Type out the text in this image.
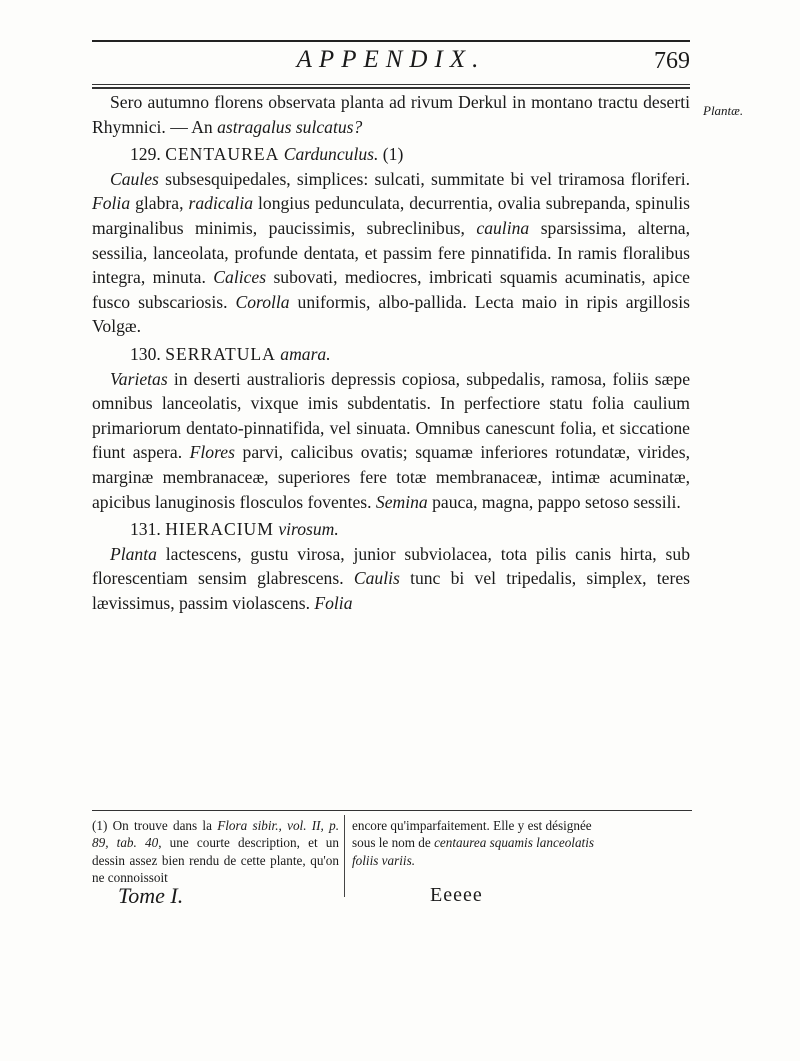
APPENDIX.	769
Plantæ.

Sero autumno florens observata planta ad rivum Derkul in montano tractu deserti Rhymnici. — An astragalus sulcatus?

129. CENTAUREA Cardunculus. (1)

Caules subsesquipedales, simplices: sulcati, summitate bi vel triramosa floriferi. Folia glabra, radicalia longius pedunculata, decurrentia, ovalia subrepanda, spinulis marginalibus minimis, paucissimis, subreclinibus, caulina sparsissima, alterna, sessilia, lanceolata, profunde dentata, et passim fere pinnatifida. In ramis floralibus integra, minuta. Calices subovati, mediocres, imbricati squamis acuminatis, apice fusco subscariosis. Corolla uniformis, albo-pallida. Lecta maio in ripis argillosis Volgæ.

130. SERRATULA amara.

Varietas in deserti australioris depressis copiosa, subpedalis, ramosa, foliis sæpe omnibus lanceolatis, vixque imis subdentatis. In perfectiore statu folia caulium primariorum dentato-pinnatifida, vel sinuata. Omnibus canescunt folia, et siccatione fiunt aspera. Flores parvi, calicibus ovatis; squamæ inferiores rotundatæ, virides, marginæ membranaceæ, superiores fere totæ membranaceæ, intimæ acuminatæ, apicibus lanuginosis flosculos foventes. Semina pauca, magna, pappo setoso sessili.

131. HIERACIUM virosum.

Planta lactescens, gustu virosa, junior subviolacea, tota pilis canis hirta, sub florescentiam sensim glabrescens. Caulis tunc bi vel tripedalis, simplex, teres lævissimus, passim violascens. Folia

(1) On trouve dans la Flora sibir., vol. II, p. 89, tab. 40, une courte description, et un dessin assez bien rendu de cette plante, qu'on ne connoissoit
encore qu'imparfaitement. Elle y est désignée sous le nom de centaurea squamis lanceolatis foliis variis.
Tome I.	Eeeee
